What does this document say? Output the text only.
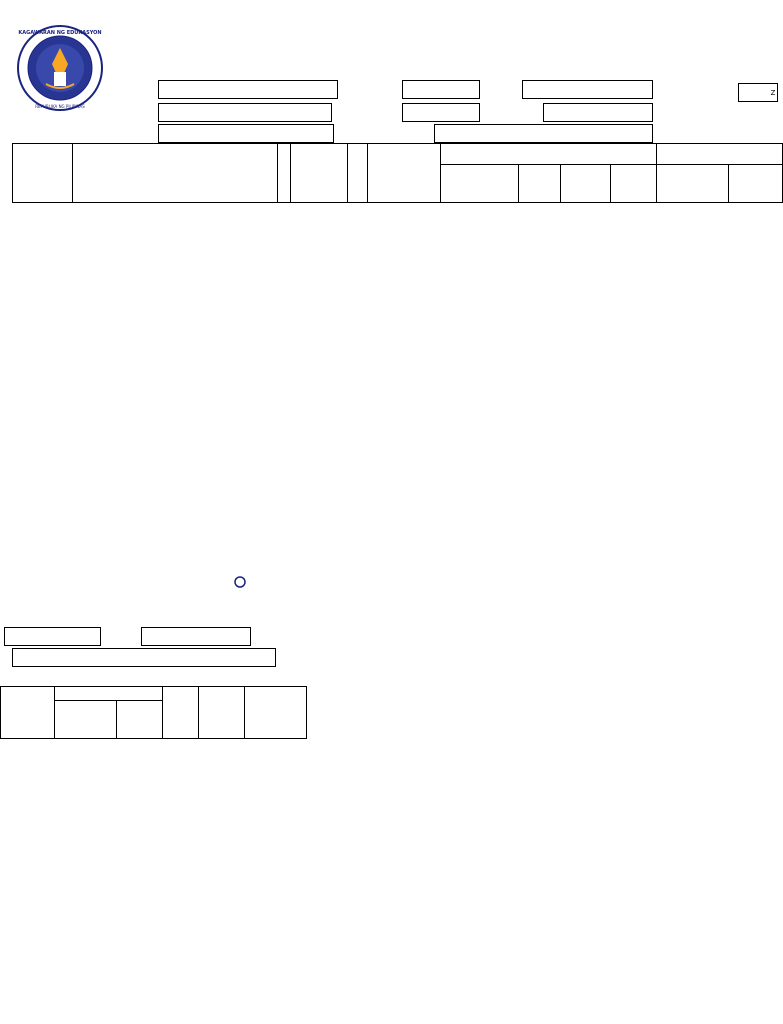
KAGAWARAN NG EDUKASYON
REPUBLIKA NG PILIPINAS
Z
